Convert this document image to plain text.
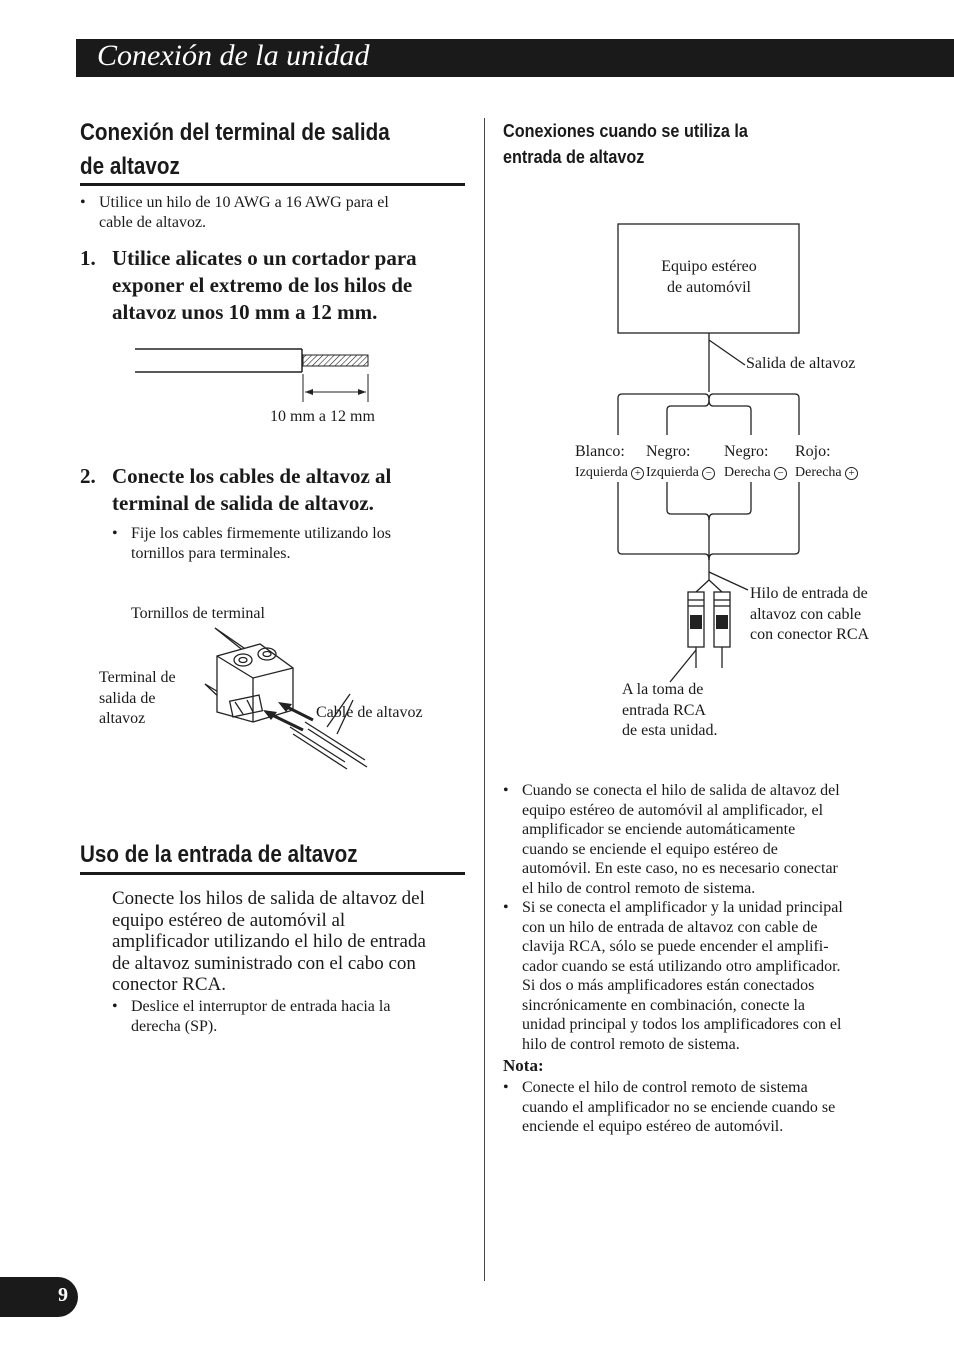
Conexión de la unidad
Conexión del terminal de salida
de altavoz
• Utilice un hilo de 10 AWG a 16 AWG para el
cable de altavoz.
1. Utilice alicates o un cortador para
exponer el extremo de los hilos de
altavoz unos 10 mm a 12 mm.
10 mm a 12 mm
2. Conecte los cables de altavoz al
terminal de salida de altavoz.
• Fije los cables firmemente utilizando los
tornillos para terminales.
Tornillos de terminal
Terminal de
salida de
altavoz	Cable de altavoz
Uso de la entrada de altavoz
Conecte los hilos de salida de altavoz del
equipo estéreo de automóvil al
amplificador utilizando el hilo de entrada
de altavoz suministrado con el cabo con
conector RCA.
• Deslice el interruptor de entrada hacia la
derecha (SP).
Conexiones cuando se utiliza la
entrada de altavoz
Equipo estéreo
de automóvil
Salida de altavoz
Blanco:
Izquierda +
Negro:
Izquierda −
Negro:
Derecha −
Rojo:
Derecha +
Hilo de entrada de
altavoz con cable
con conector RCA
A la toma de
entrada RCA
de esta unidad.
• Cuando se conecta el hilo de salida de altavoz del
equipo estéreo de automóvil al amplificador, el
amplificador se enciende automáticamente
cuando se enciende el equipo estéreo de
automóvil. En este caso, no es necesario conectar
el hilo de control remoto de sistema.
• Si se conecta el amplificador y la unidad principal
con un hilo de entrada de altavoz con cable de
clavija RCA, sólo se puede encender el amplifi-
cador cuando se está utilizando otro amplificador.
Si dos o más amplificadores están conectados
sincrónicamente en combinación, conecte la
unidad principal y todos los amplificadores con el
hilo de control remoto de sistema.
Nota:
• Conecte el hilo de control remoto de sistema
cuando el amplificador no se enciende cuando se
enciende el equipo estéreo de automóvil.
9
